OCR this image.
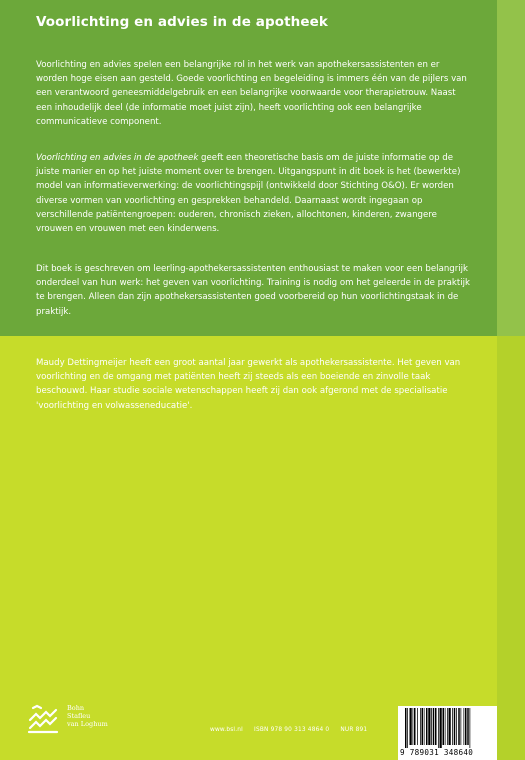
Voorlichting en advies in de apotheek
Voorlichting en advies spelen een belangrijke rol in het werk van apothekersassistenten en er worden hoge eisen aan gesteld. Goede voorlichting en begeleiding is immers één van de pijlers van een verantwoord geneesmiddelgebruik en een belangrijke voorwaarde voor therapietrouw. Naast een inhoudelijk deel (de informatie moet juist zijn), heeft voorlichting ook een belangrijke communicatieve component.
Voorlichting en advies in de apotheek geeft een theoretische basis om de juiste informatie op de juiste manier en op het juiste moment over te brengen. Uitgangspunt in dit boek is het (bewerkte) model van informatieverwerking: de voorlichtingspijl (ontwikkeld door Stichting O&O). Er worden diverse vormen van voorlichting en gesprekken behandeld. Daarnaast wordt ingegaan op verschillende patiëntengroepen: ouderen, chronisch zieken, allochtonen, kinderen, zwangere vrouwen en vrouwen met een kinderwens.
Dit boek is geschreven om leerling-apothekersassistenten enthousiast te maken voor een belangrijk onderdeel van hun werk: het geven van voorlichting. Training is nodig om het geleerde in de praktijk te brengen. Alleen dan zijn apothekersassistenten goed voorbereid op hun voorlichtingstaak in de praktijk.
Maudy Dettingmeijer heeft een groot aantal jaar gewerkt als apothekersassistente. Het geven van voorlichting en de omgang met patiënten heeft zij steeds als een boeiende en zinvolle taak beschouwd. Haar studie sociale wetenschappen heeft zij dan ook afgerond met de specialisatie 'voorlichting en volwasseneducatie'.
Bohn
Stafleu
van Loghum
www.bsl.nl ISBN 978 90 313 4864 0 NUR 891
9 789031 348640
